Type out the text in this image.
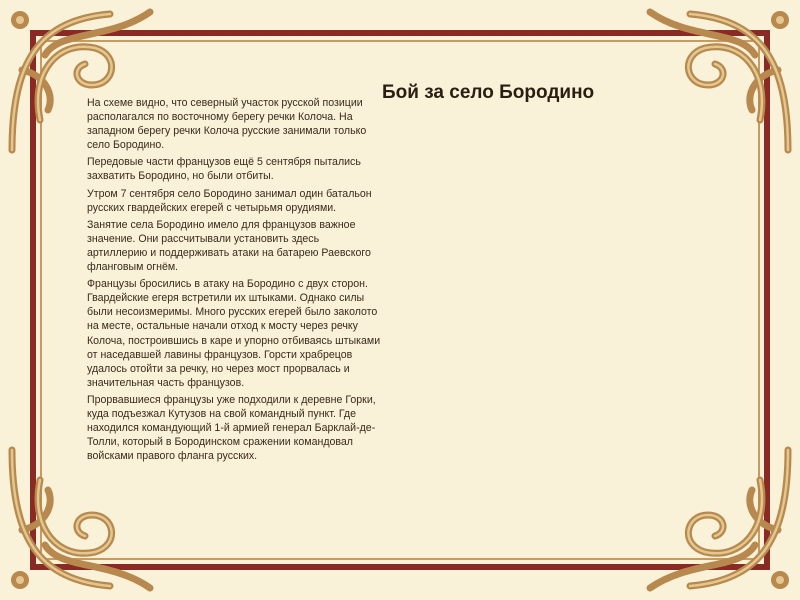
Бой за село Бородино

На схеме видно, что северный участок русской позиции располагался по восточному берегу речки Колоча. На западном берегу речки Колоча русские занимали только село Бородино.

Передовые части французов ещё 5 сентября пытались захватить Бородино, но были отбиты.

Утром 7 сентября село Бородино занимал один батальон русских гвардейских егерей с четырьмя орудиями.

Занятие села Бородино имело для французов важное значение. Они рассчитывали установить здесь артиллерию и поддерживать атаки на батарею Раевского фланговым огнём.

Французы бросились в атаку на Бородино с двух сторон. Гвардейские егеря встретили их штыками. Однако силы были несоизмеримы. Много русских егерей было заколото на месте, остальные начали отход к мосту через речку Колоча, построившись в каре и упорно отбиваясь штыками от наседавшей лавины французов. Горсти храбрецов удалось отойти за речку, но через мост прорвалась и значительная часть французов.

Прорвавшиеся французы уже подходили к деревне Горки, куда подъезжал Кутузов на свой командный пункт. Где находился командующий 1-й армией генерал Барклай-де-Толли, который в Бородинском сражении командовал войсками правого фланга русских.
